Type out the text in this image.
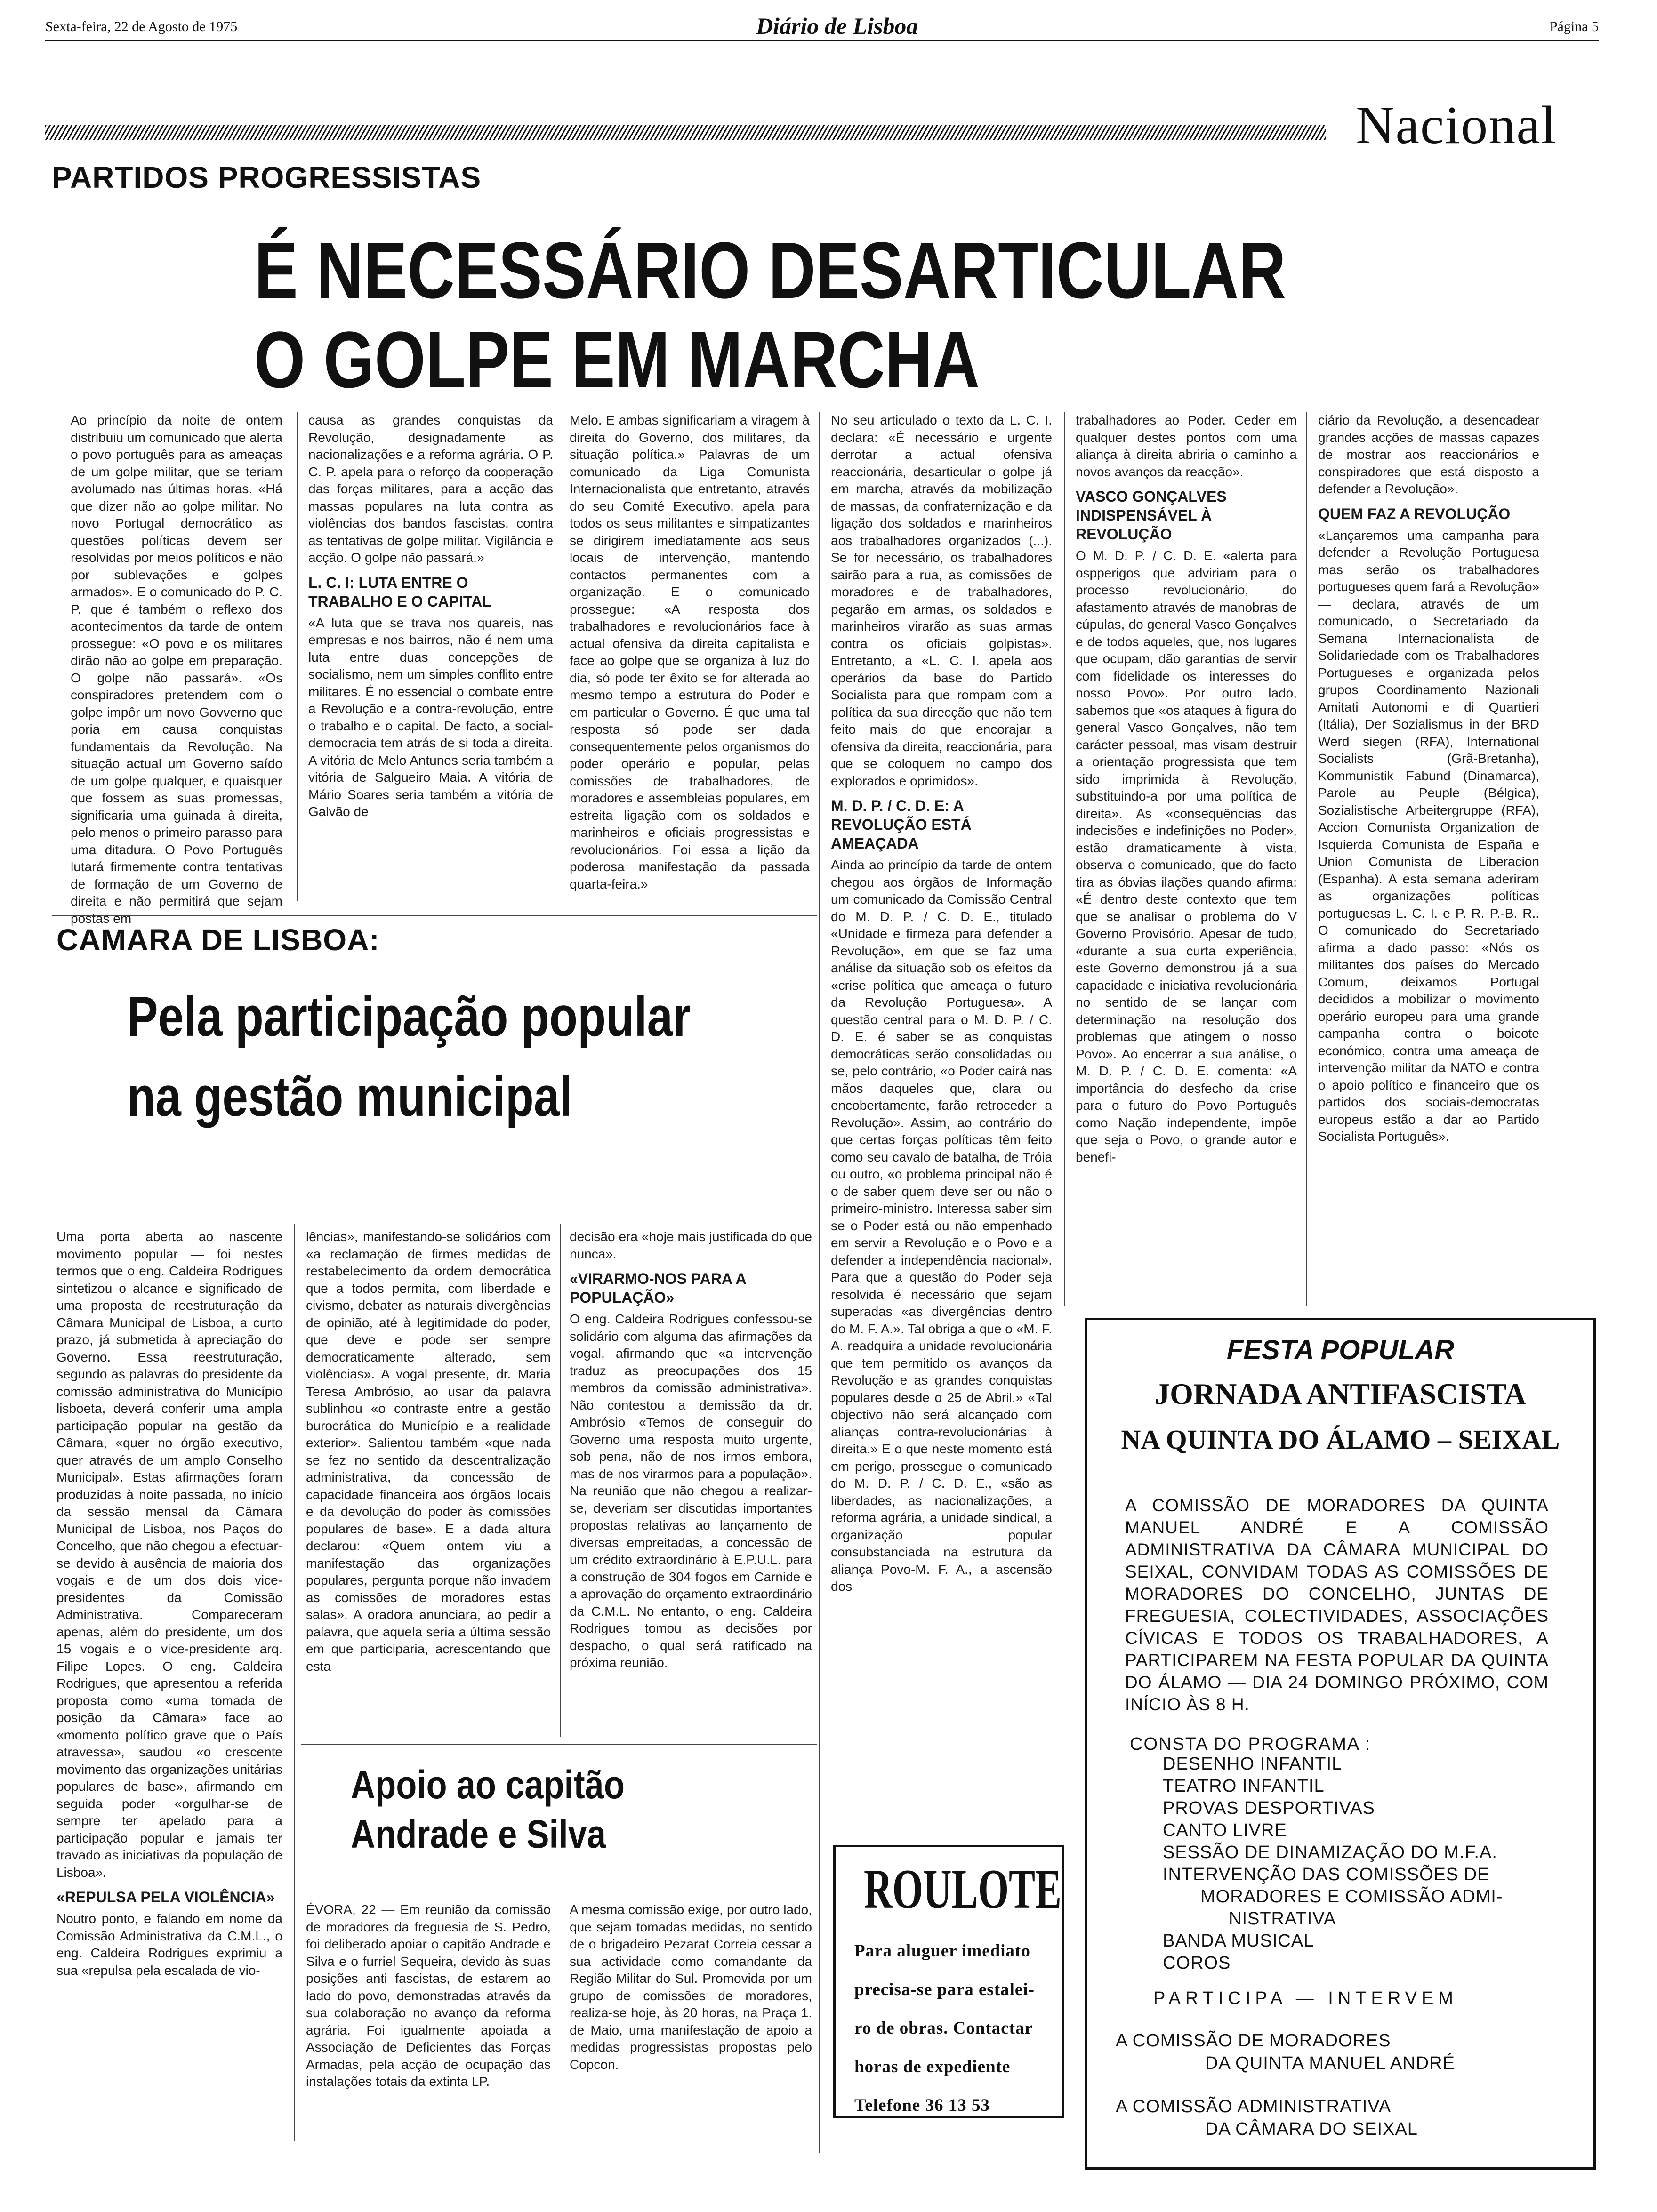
Sexta-feira, 22 de Agosto de 1975	Diário de Lisboa	Página 5
Nacional
PARTIDOS PROGRESSISTAS
É NECESSÁRIO DESARTICULAR
O GOLPE EM MARCHA
Ao princípio da noite de ontem distribuiu um comunicado que alerta o povo português para as ameaças de um golpe militar, que se teriam avolumado nas últimas horas. «Há que dizer não ao golpe militar. No novo Portugal democrático as questões políticas devem ser resolvidas por meios políticos e não por sublevações e golpes armados». E o comunicado do P. C. P. que é também o reflexo dos acontecimentos da tarde de ontem prossegue: «O povo e os militares dirão não ao golpe em preparação. O golpe não passará». «Os conspiradores pretendem com o golpe impôr um novo Govverno que poria em causa conquistas fundamentais da Revolução. Na situação actual um Governo saído de um golpe qualquer, e quaisquer que fossem as suas promessas, significaria uma guinada à direita, pelo menos o primeiro parasso para uma ditadura. O Povo Português lutará firmemente contra tentativas de formação de um Governo de direita e não permitirá que sejam postas em
causa as grandes conquistas da Revolução, designadamente as nacionalizações e a reforma agrária. O P. C. P. apela para o reforço da cooperação das forças militares, para a acção das massas populares na luta contra as violências dos bandos fascistas, contra as tentativas de golpe militar. Vigilância e acção. O golpe não passará.»
L. C. I: LUTA ENTRE O TRABALHO E O CAPITAL
«A luta que se trava nos quareis, nas empresas e nos bairros, não é nem uma luta entre duas concepções de socialismo, nem um simples conflito entre militares. É no essencial o combate entre a Revolução e a contra-revolução, entre o trabalho e o capital. De facto, a social-democracia tem atrás de si toda a direita. A vitória de Melo Antunes seria também a vitória de Salgueiro Maia. A vitória de Mário Soares seria também a vitória de Galvão de
Melo. E ambas significariam a viragem à direita do Governo, dos militares, da situação política.» Palavras de um comunicado da Liga Comunista Internacionalista que entretanto, através do seu Comité Executivo, apela para todos os seus militantes e simpatizantes se dirigirem imediatamente aos seus locais de intervenção, mantendo contactos permanentes com a organização. E o comunicado prossegue: «A resposta dos trabalhadores e revolucionários face à actual ofensiva da direita capitalista e face ao golpe que se organiza à luz do dia, só pode ter êxito se for alterada ao mesmo tempo a estrutura do Poder e em particular o Governo. É que uma tal resposta só pode ser dada consequentemente pelos organismos do poder operário e popular, pelas comissões de trabalhadores, de moradores e assembleias populares, em estreita ligação com os soldados e marinheiros e oficiais progressistas e revolucionários. Foi essa a lição da poderosa manifestação da passada quarta-feira.»
No seu articulado o texto da L. C. I. declara: «É necessário e urgente derrotar a actual ofensiva reaccionária, desarticular o golpe já em marcha, através da mobilização de massas, da confraternização e da ligação dos soldados e marinheiros aos trabalhadores organizados (...). Se for necessário, os trabalhadores sairão para a rua, as comissões de moradores e de trabalhadores, pegarão em armas, os soldados e marinheiros virarão as suas armas contra os oficiais golpistas». Entretanto, a «L. C. I. apela aos operários da base do Partido Socialista para que rompam com a política da sua direcção que não tem feito mais do que encorajar a ofensiva da direita, reaccionária, para que se coloquem no campo dos explorados e oprimidos».
M. D. P. / C. D. E: A REVOLUÇÃO ESTÁ AMEAÇADA
Ainda ao princípio da tarde de ontem chegou aos órgãos de Informação um comunicado da Comissão Central do M. D. P. / C. D. E., titulado «Unidade e firmeza para defender a Revolução», em que se faz uma análise da situação sob os efeitos da «crise política que ameaça o futuro da Revolução Portuguesa». A questão central para o M. D. P. / C. D. E. é saber se as conquistas democráticas serão consolidadas ou se, pelo contrário, «o Poder cairá nas mãos daqueles que, clara ou encobertamente, farão retroceder a Revolução». Assim, ao contrário do que certas forças políticas têm feito como seu cavalo de batalha, de Tróia ou outro, «o problema principal não é o de saber quem deve ser ou não o primeiro-ministro. Interessa saber sim se o Poder está ou não empenhado em servir a Revolução e o Povo e a defender a independência nacional». Para que a questão do Poder seja resolvida é necessário que sejam superadas «as divergências dentro do M. F. A.». Tal obriga a que o «M. F. A. readquira a unidade revolucionária que tem permitido os avanços da Revolução e as grandes conquistas populares desde o 25 de Abril.» «Tal objectivo não será alcançado com alianças contra-revolucionárias à direita.» E o que neste momento está em perigo, prossegue o comunicado do M. D. P. / C. D. E., «são as liberdades, as nacionalizações, a reforma agrária, a unidade sindical, a organização popular consubstanciada na estrutura da aliança Povo-M. F. A., a ascensão dos
trabalhadores ao Poder. Ceder em qualquer destes pontos com uma aliança à direita abriria o caminho a novos avanços da reacção».
VASCO GONÇALVES INDISPENSÁVEL À REVOLUÇÃO
O M. D. P. / C. D. E. «alerta para ospperigos que adviriam para o processo revolucionário, do afastamento através de manobras de cúpulas, do general Vasco Gonçalves e de todos aqueles, que, nos lugares que ocupam, dão garantias de servir com fidelidade os interesses do nosso Povo». Por outro lado, sabemos que «os ataques à figura do general Vasco Gonçalves, não tem carácter pessoal, mas visam destruir a orientação progressista que tem sido imprimida à Revolução, substituindo-a por uma política de direita». As «consequências das indecisões e indefinições no Poder», estão dramaticamente à vista, observa o comunicado, que do facto tira as óbvias ilações quando afirma: «É dentro deste contexto que tem que se analisar o problema do V Governo Provisório. Apesar de tudo, «durante a sua curta experiência, este Governo demonstrou já a sua capacidade e iniciativa revolucionária no sentido de se lançar com determinação na resolução dos problemas que atingem o nosso Povo». Ao encerrar a sua análise, o M. D. P. / C. D. E. comenta: «A importância do desfecho da crise para o futuro do Povo Português como Nação independente, impõe que seja o Povo, o grande autor e benefi-
ciário da Revolução, a desencadear grandes acções de massas capazes de mostrar aos reaccionários e conspiradores que está disposto a defender a Revolução».
QUEM FAZ A REVOLUÇÃO
«Lançaremos uma campanha para defender a Revolução Portuguesa mas serão os trabalhadores portugueses quem fará a Revolução» — declara, através de um comunicado, o Secretariado da Semana Internacionalista de Solidariedade com os Trabalhadores Portugueses e organizada pelos grupos Coordinamento Nazionali Amitati Autonomi e di Quartieri (Itália), Der Sozialismus in der BRD Werd siegen (RFA), International Socialists (Grã-Bretanha), Kommunistik Fabund (Dinamarca), Parole au Peuple (Bélgica), Sozialistische Arbeitergruppe (RFA), Accion Comunista Organization de Isquierda Comunista de España e Union Comunista de Liberacion (Espanha). A esta semana aderiram as organizações políticas portuguesas L. C. I. e P. R. P.-B. R.. O comunicado do Secretariado afirma a dado passo: «Nós os militantes dos países do Mercado Comum, deixamos Portugal decididos a mobilizar o movimento operário europeu para uma grande campanha contra o boicote económico, contra uma ameaça de intervenção militar da NATO e contra o apoio político e financeiro que os partidos dos sociais-democratas europeus estão a dar ao Partido Socialista Português».
CAMARA DE LISBOA:
Pela participação popular
na gestão municipal
Uma porta aberta ao nascente movimento popular — foi nestes termos que o eng. Caldeira Rodrigues sintetizou o alcance e significado de uma proposta de reestruturação da Câmara Municipal de Lisboa, a curto prazo, já submetida à apreciação do Governo. Essa reestruturação, segundo as palavras do presidente da comissão administrativa do Município lisboeta, deverá conferir uma ampla participação popular na gestão da Câmara, «quer no órgão executivo, quer através de um amplo Conselho Municipal». Estas afirmações foram produzidas à noite passada, no início da sessão mensal da Câmara Municipal de Lisboa, nos Paços do Concelho, que não chegou a efectuar-se devido à ausência de maioria dos vogais e de um dos dois vice-presidentes da Comissão Administrativa. Compareceram apenas, além do presidente, um dos 15 vogais e o vice-presidente arq. Filipe Lopes. O eng. Caldeira Rodrigues, que apresentou a referida proposta como «uma tomada de posição da Câmara» face ao «momento político grave que o País atravessa», saudou «o crescente movimento das organizações unitárias populares de base», afirmando em seguida poder «orgulhar-se de sempre ter apelado para a participação popular e jamais ter travado as iniciativas da população de Lisboa».
«REPULSA PELA VIOLÊNCIA»
Noutro ponto, e falando em nome da Comissão Administrativa da C.M.L., o eng. Caldeira Rodrigues exprimiu a sua «repulsa pela escalada de vio-
lências», manifestando-se solidários com «a reclamação de firmes medidas de restabelecimento da ordem democrática que a todos permita, com liberdade e civismo, debater as naturais divergências de opinião, até à legitimidade do poder, que deve e pode ser sempre democraticamente alterado, sem violências». A vogal presente, dr. Maria Teresa Ambrósio, ao usar da palavra sublinhou «o contraste entre a gestão burocrática do Município e a realidade exterior». Salientou também «que nada se fez no sentido da descentralização administrativa, da concessão de capacidade financeira aos órgãos locais e da devolução do poder às comissões populares de base». E a dada altura declarou: «Quem ontem viu a manifestação das organizações populares, pergunta porque não invadem as comissões de moradores estas salas». A oradora anunciara, ao pedir a palavra, que aquela seria a última sessão em que participaria, acrescentando que esta
decisão era «hoje mais justificada do que nunca».
«VIRARMO-NOS PARA A POPULAÇÃO»
O eng. Caldeira Rodrigues confessou-se solidário com alguma das afirmações da vogal, afirmando que «a intervenção traduz as preocupações dos 15 membros da comissão administrativa». Não contestou a demissão da dr. Ambrósio «Temos de conseguir do Governo uma resposta muito urgente, sob pena, não de nos irmos embora, mas de nos virarmos para a população». Na reunião que não chegou a realizar-se, deveriam ser discutidas importantes propostas relativas ao lançamento de diversas empreitadas, a concessão de um crédito extraordinário à E.P.U.L. para a construção de 304 fogos em Carnide e a aprovação do orçamento extraordinário da C.M.L. No entanto, o eng. Caldeira Rodrigues tomou as decisões por despacho, o qual será ratificado na próxima reunião.
Apoio ao capitão
Andrade e Silva
ÉVORA, 22 — Em reunião da comissão de moradores da freguesia de S. Pedro, foi deliberado apoiar o capitão Andrade e Silva e o furriel Sequeira, devido às suas posições anti fascistas, de estarem ao lado do povo, demonstradas através da sua colaboração no avanço da reforma agrária. Foi igualmente apoiada a Associação de Deficientes das Forças Armadas, pela acção de ocupação das instalações totais da extinta LP.
A mesma comissão exige, por outro lado, que sejam tomadas medidas, no sentido de o brigadeiro Pezarat Correia cessar a sua actividade como comandante da Região Militar do Sul. Promovida por um grupo de comissões de moradores, realiza-se hoje, às 20 horas, na Praça 1. de Maio, uma manifestação de apoio a medidas progressistas propostas pelo Copcon.
ROULOTE
Para aluguer imediato
precisa-se para estalei-
ro de obras. Contactar
horas de expediente
Telefone 36 13 53
FESTA POPULAR
JORNADA ANTIFASCISTA
NA QUINTA DO ÁLAMO – SEIXAL
A COMISSÃO DE MORADORES DA QUINTA MANUEL ANDRÉ E A COMISSÃO ADMINISTRATIVA DA CÂMARA MUNICIPAL DO SEIXAL, CONVIDAM TODAS AS COMISSÕES DE MORADORES DO CONCELHO, JUNTAS DE FREGUESIA, COLECTIVIDADES, ASSOCIAÇÕES CÍVICAS E TODOS OS TRABALHADORES, A PARTICIPAREM NA FESTA POPULAR DA QUINTA DO ÁLAMO — DIA 24 DOMINGO PRÓXIMO, COM INÍCIO ÀS 8 H.
CONSTA DO PROGRAMA :
DESENHO INFANTIL
TEATRO INFANTIL
PROVAS DESPORTIVAS
CANTO LIVRE
SESSÃO DE DINAMIZAÇÃO DO M.F.A.
INTERVENÇÃO DAS COMISSÕES DE
MORADORES E COMISSÃO ADMI-
NISTRATIVA
BANDA MUSICAL
COROS
PARTICIPA — INTERVEM
A COMISSÃO DE MORADORES
DA QUINTA MANUEL ANDRÉ
A COMISSÃO ADMINISTRATIVA
DA CÂMARA DO SEIXAL
